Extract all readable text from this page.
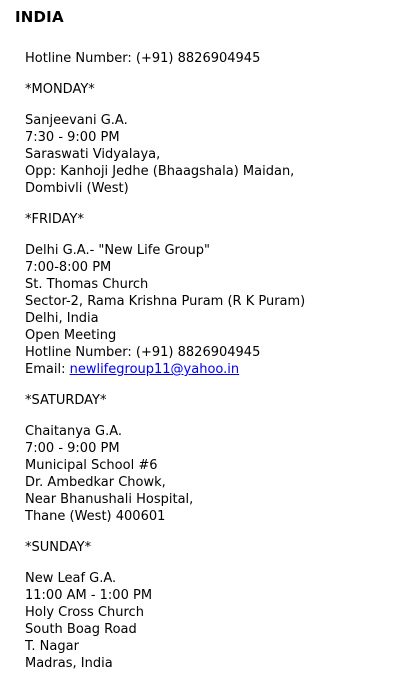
INDIA
Hotline Number: (+91) 8826904945
*MONDAY*
Sanjeevani G.A.
7:30 - 9:00 PM
Saraswati Vidyalaya,
Opp: Kanhoji Jedhe (Bhaagshala) Maidan,
Dombivli (West)
*FRIDAY*
Delhi G.A.- "New Life Group"
7:00-8:00 PM
St. Thomas Church
Sector-2, Rama Krishna Puram (R K Puram)
Delhi, India
Open Meeting
Hotline Number: (+91) 8826904945
Email: newlifegroup11@yahoo.in
*SATURDAY*
Chaitanya G.A.
7:00 - 9:00 PM
Municipal School #6
Dr. Ambedkar Chowk,
Near Bhanushali Hospital,
Thane (West) 400601
*SUNDAY*
New Leaf G.A.
11:00 AM - 1:00 PM
Holy Cross Church
South Boag Road
T. Nagar
Madras, India
